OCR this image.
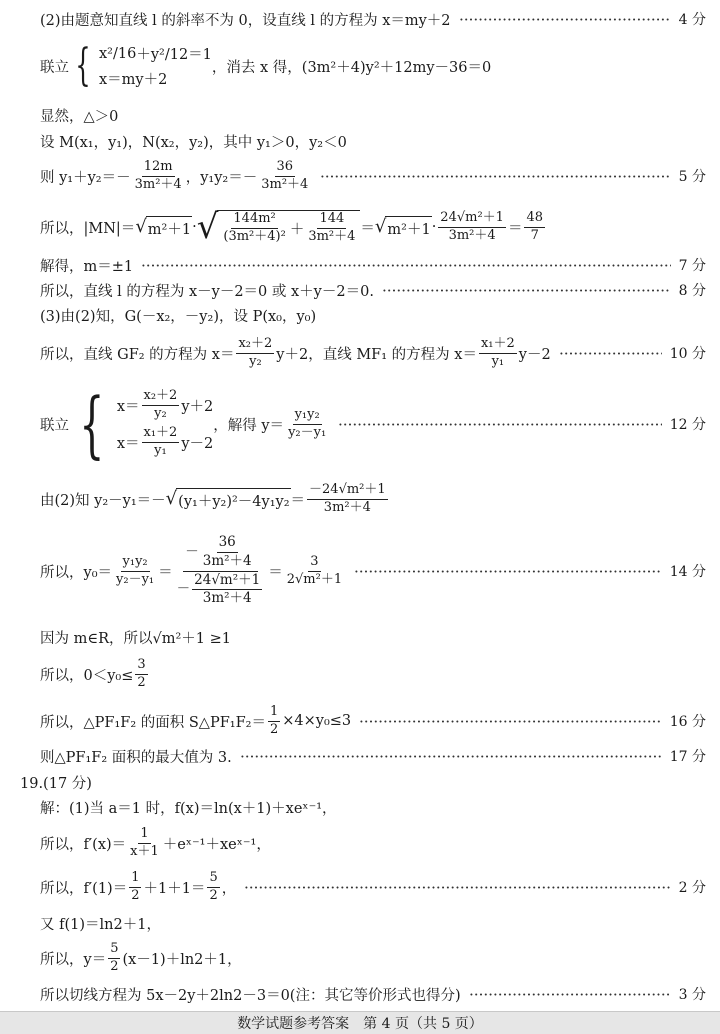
(2)由题意知直线 l 的斜率不为 0，设直线 l 的方程为 x＝my＋2	4 分
联立 { x²/16 ＋y²/12＝1
x＝my＋2
，消去 x 得，(3m²＋4)y²＋12my－36＝0
显然，△＞0
设 M(x₁，y₁)，N(x₂，y₂)，其中 y₁＞0，y₂＜0
则 $y_1+y_2=- \frac{12m}{\text{3m²＋4}}$ ，$y_1y_2=- \frac{36}{\text{3m²＋4}}$	5 分
所以，|MN|＝ √ m²＋1 · √ $\frac{\text{144m²}}{\text{(3m²＋4)²}} + \frac{144}{\text{3m²＋4}}$ ＝ √ $m^2+1 \cdot \frac{\text{24√m²＋1}}{\text{3m²＋4}} = \frac{48}{7}$
解得，m＝±1	7 分
所以，直线 l 的方程为 x－y－2＝0 或 x＋y－2＝0.	8 分
(3)由(2)知，G(－x₂，－y₂)，设 P(x₀，y₀)
所以，直线 GF₂ 的方程为 $x= \frac{\text{x₂＋2}}{\text{y₂}} y+2$，直线 MF₁ 的方程为 $x= \frac{\text{x₁＋2}}{\text{y₁}} y-2$	10 分
联立 { $x= \frac{\text{x₂＋2}}{\text{y₂}} y+2$
$x= \frac{\text{x₁＋2}}{\text{y₁}} y-2$
，解得 $y= \frac{\text{y₁y₂}}{\text{y₂－y₁}}$	12 分
由(2)知 y₂－y₁＝－ √ $(y_1+y_2)^2-4y_1y_2 = \frac{\text{－24√m²＋1}}{\text{3m²＋4}}$
所以，$y_0= \frac{\text{y₁y₂}}{\text{y₂－y₁}} = \frac{- \frac{36}{\text{3m²＋4}}}{- \frac{\text{24√m²＋1}}{\text{3m²＋4}}} = \frac{3}{\text{2√m²＋1}}$	14 分
因为 m∈R，所以√m²＋1 ≥1
所以，$0<y_0\le \frac{3}{2}$
所以，△PF₁F₂ 的面积 S△PF₁F₂＝ $\frac{1}{2} \times 4\times y_0\le 3$	16 分
则△PF₁F₂ 面积的最大值为 3.	17 分
19.(17 分)
解：(1)当 a＝1 时，f(x)＝ln(x＋1)＋xeˣ⁻¹，
所以，$f'(x)= \frac{1}{x+1}$ ＋eˣ⁻¹＋xeˣ⁻¹，
所以，$f'(1)= \frac{1}{2} +1+1= \frac{5}{2}$ ，	2 分
又 f(1)＝ln2＋1，
所以，$y= \frac{5}{2} (x-1)+\ln 2+1$，
所以切线方程为 5x－2y＋2ln2－3＝0(注：其它等价形式也得分)	3 分
数学试题参考答案　第 4 页（共 5 页）
